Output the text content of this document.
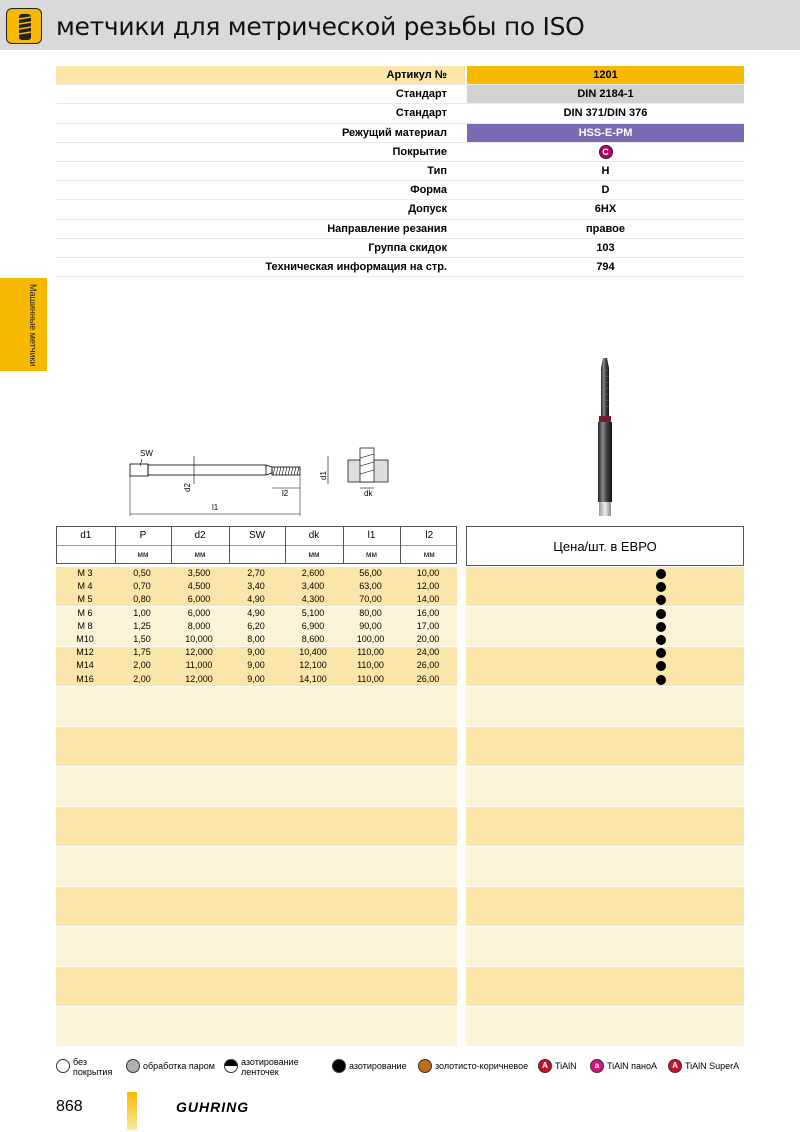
метчики для метрической резьбы по ISO
Артикул №	1201
Стандарт	DIN 2184-1
Стандарт	DIN 371/DIN 376
Режущий материал	HSS-E-PM
Покрытие	C
Тип	H
Форма	D
Допуск	6HX
Направление резания	правое
Группа скидок	103
Техническая информация на стр.	794
Машинные метчики
SW
d2
d1
l2
l1
dk
d1	P	d2	SW	dk	l1	l2
	мм	мм		мм	мм	мм
Цена/шт. в ЕВРО
M 3	0,50	3,500	2,70	2,600	56,00	10,00
M 4	0,70	4,500	3,40	3,400	63,00	12,00
M 5	0,80	6,000	4,90	4,300	70,00	14,00
M 6	1,00	6,000	4,90	5,100	80,00	16,00
M 8	1,25	8,000	6,20	6,900	90,00	17,00
M10	1,50	10,000	8,00	8,600	100,00	20,00
M12	1,75	12,000	9,00	10,400	110,00	24,00
M14	2,00	11,000	9,00	12,100	110,00	26,00
M16	2,00	12,000	9,00	14,100	110,00	26,00
без
покрытия
обработка паром	азотирование
ленточек
азотирование	золотисто-коричневое	A TiAlN	a TiAlN паноА	A TiAlN SuperA
868	GUHRING
